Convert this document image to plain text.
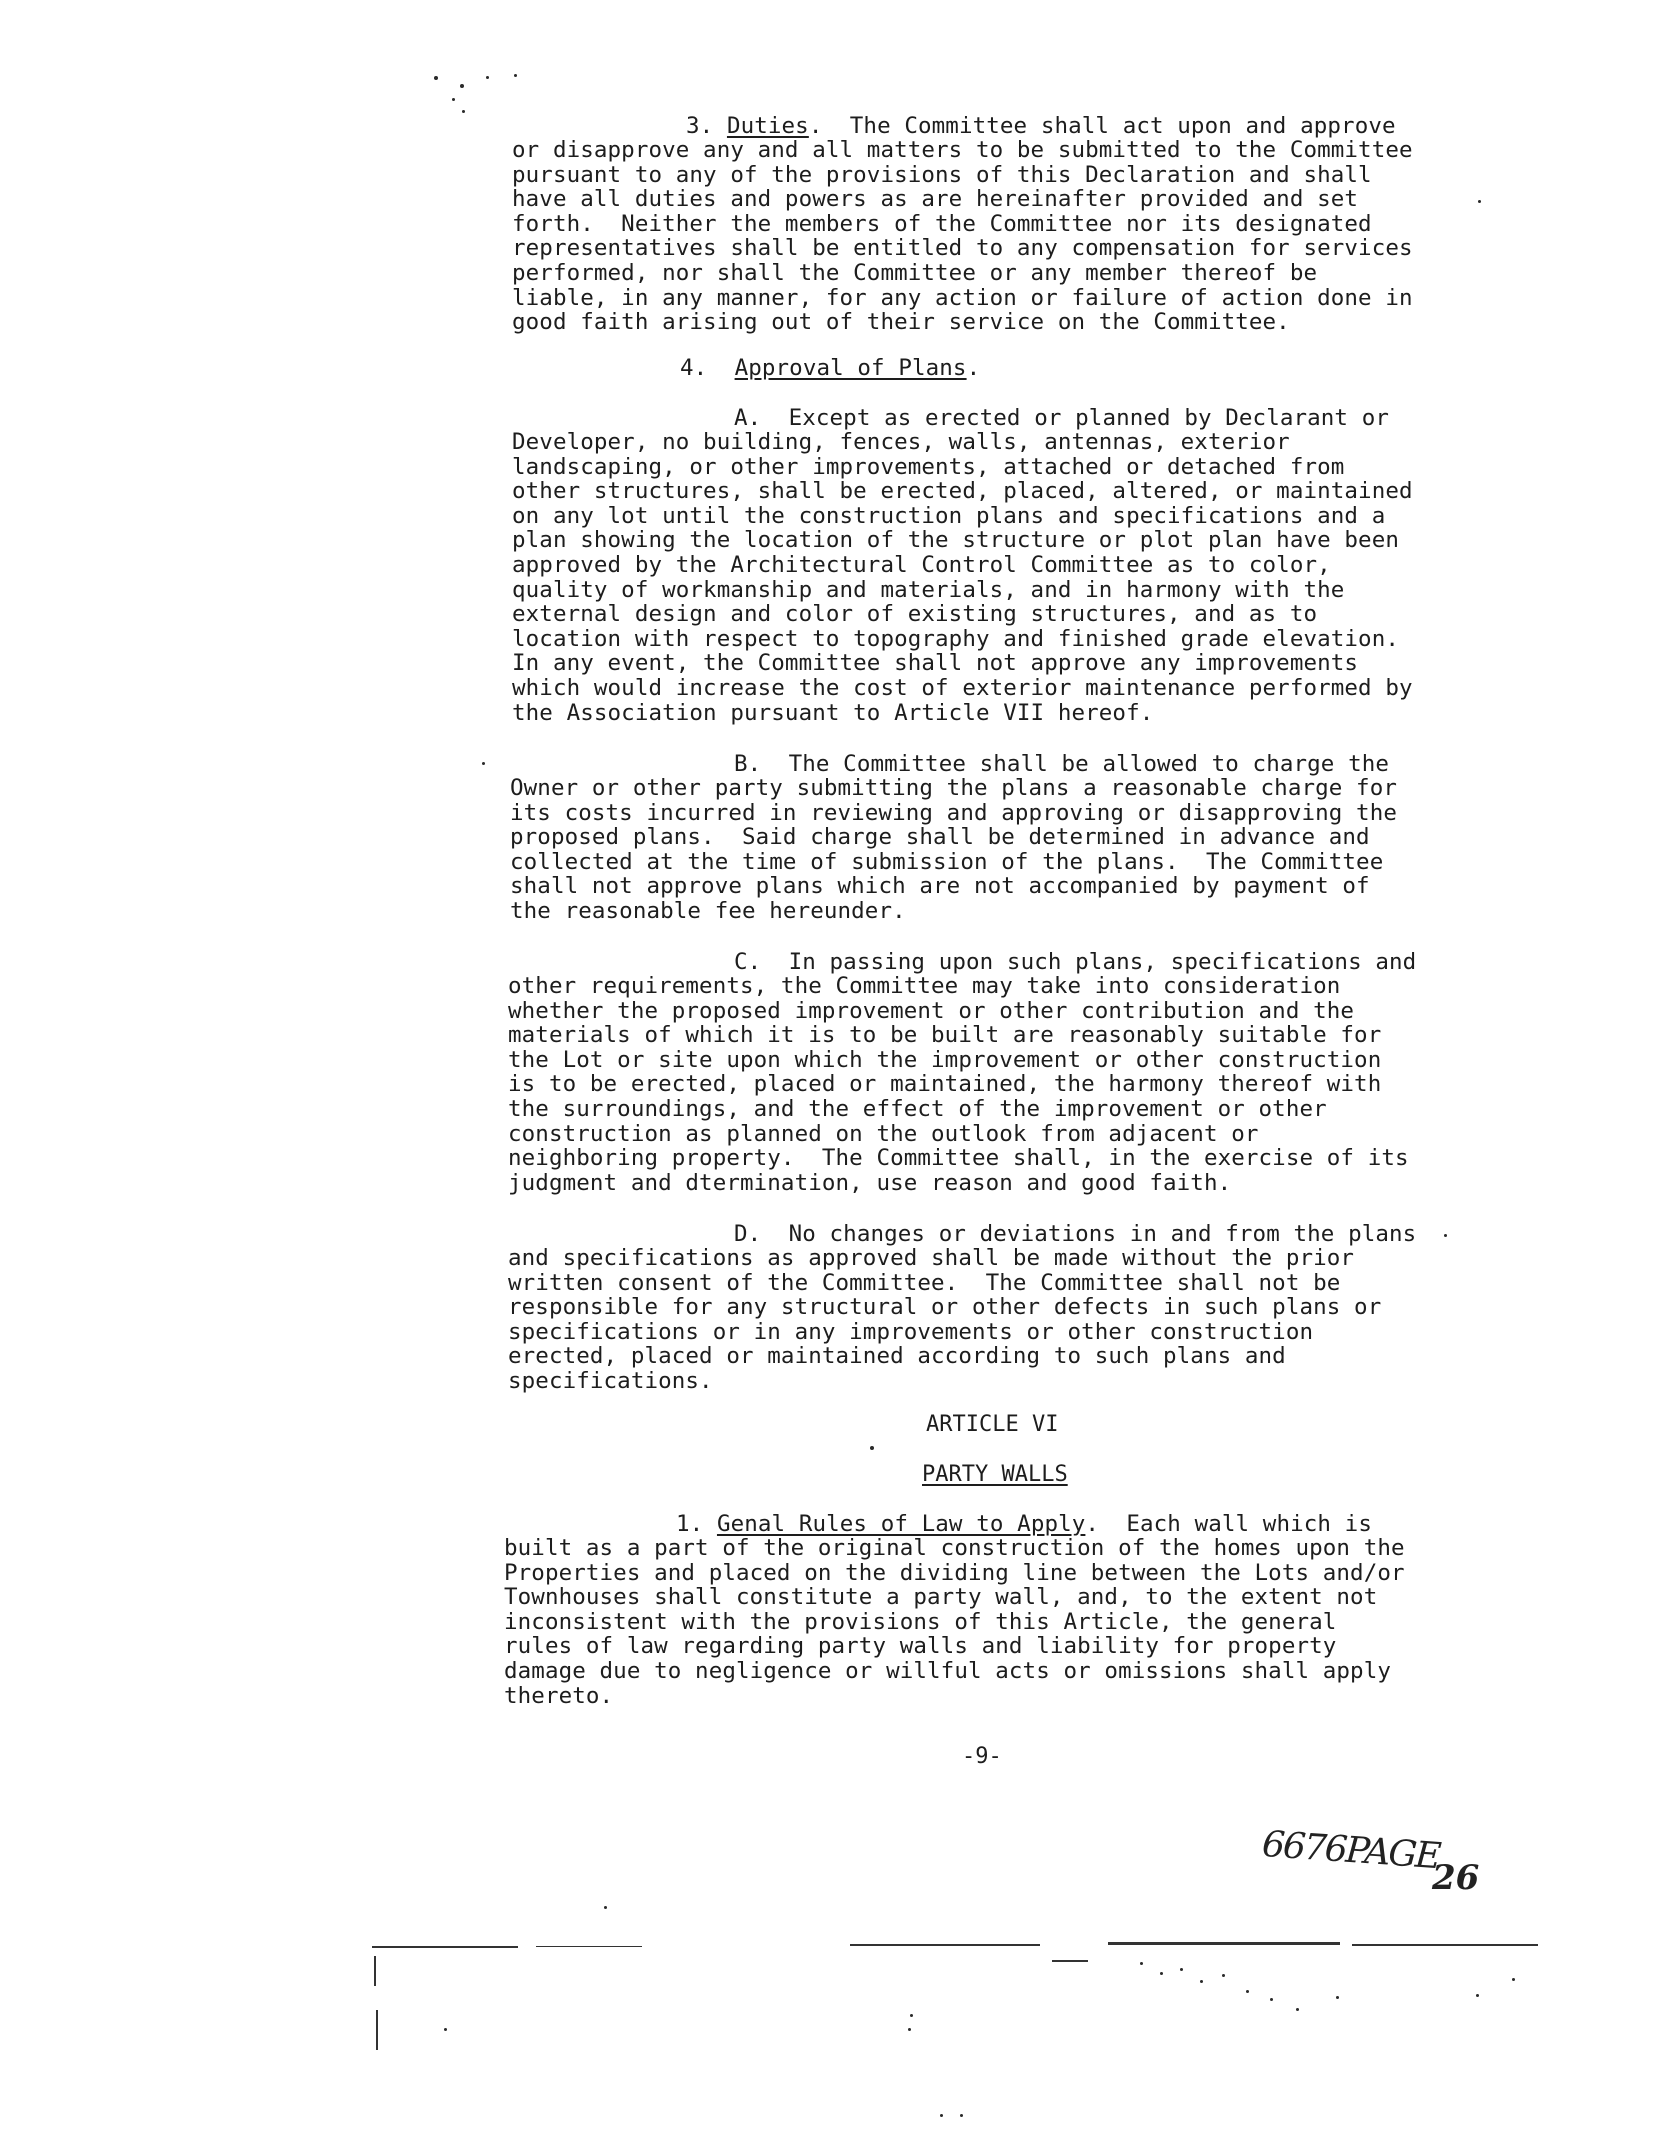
3. Duties.  The Committee shall act upon and approve
or disapprove any and all matters to be submitted to the Committee
pursuant to any of the provisions of this Declaration and shall
have all duties and powers as are hereinafter provided and set
forth.  Neither the members of the Committee nor its designated
representatives shall be entitled to any compensation for services
performed, nor shall the Committee or any member thereof be
liable, in any manner, for any action or failure of action done in
good faith arising out of their service on the Committee.
4. Approval of Plans.
A.  Except as erected or planned by Declarant or
Developer, no building, fences, walls, antennas, exterior
landscaping, or other improvements, attached or detached from
other structures, shall be erected, placed, altered, or maintained
on any lot until the construction plans and specifications and a
plan showing the location of the structure or plot plan have been
approved by the Architectural Control Committee as to color,
quality of workmanship and materials, and in harmony with the
external design and color of existing structures, and as to
location with respect to topography and finished grade elevation.
In any event, the Committee shall not approve any improvements
which would increase the cost of exterior maintenance performed by
the Association pursuant to Article VII hereof.
B.  The Committee shall be allowed to charge the
Owner or other party submitting the plans a reasonable charge for
its costs incurred in reviewing and approving or disapproving the
proposed plans.  Said charge shall be determined in advance and
collected at the time of submission of the plans.  The Committee
shall not approve plans which are not accompanied by payment of
the reasonable fee hereunder.
C.  In passing upon such plans, specifications and
other requirements, the Committee may take into consideration
whether the proposed improvement or other contribution and the
materials of which it is to be built are reasonably suitable for
the Lot or site upon which the improvement or other construction
is to be erected, placed or maintained, the harmony thereof with
the surroundings, and the effect of the improvement or other
construction as planned on the outlook from adjacent or
neighboring property.  The Committee shall, in the exercise of its
judgment and dtermination, use reason and good faith.
D.  No changes or deviations in and from the plans
and specifications as approved shall be made without the prior
written consent of the Committee.  The Committee shall not be
responsible for any structural or other defects in such plans or
specifications or in any improvements or other construction
erected, placed or maintained according to such plans and
specifications.
ARTICLE VI
PARTY WALLS
1. Genal Rules of Law to Apply.  Each wall which is
built as a part of the original construction of the homes upon the
Properties and placed on the dividing line between the Lots and/or
Townhouses shall constitute a party wall, and, to the extent not
inconsistent with the provisions of this Article, the general
rules of law regarding party walls and liability for property
damage due to negligence or willful acts or omissions shall apply
thereto.
-9-
6676PAGE
26
